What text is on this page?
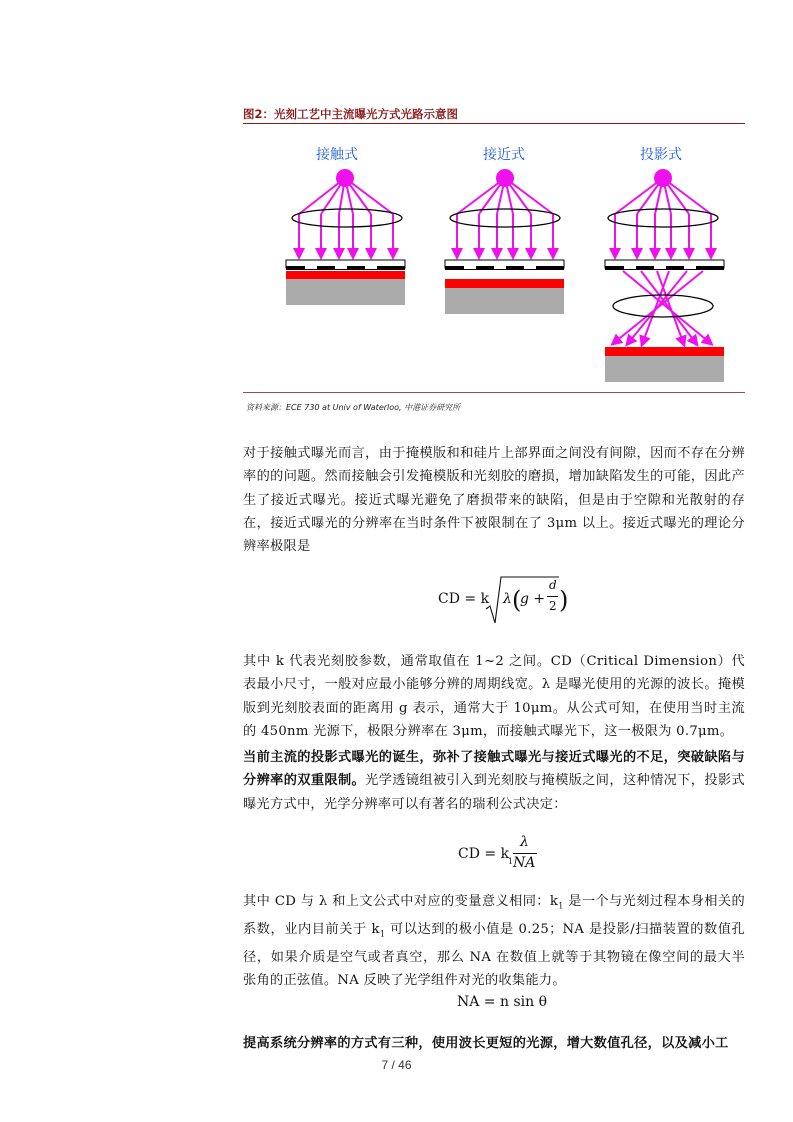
图2：光刻工艺中主流曝光方式光路示意图
接触式	接近式	投影式
资料来源：ECE 730 at Univ of Waterloo, 中港证券研究所
对于接触式曝光而言，由于掩模版和和硅片上部界面之间没有间隙，因而不存在分辨率的的问题。然而接触会引发掩模版和光刻胶的磨损，增加缺陷发生的可能，因此产生了接近式曝光。接近式曝光避免了磨损带来的缺陷，但是由于空隙和光散射的存在，接近式曝光的分辨率在当时条件下被限制在了 3μm 以上。接近式曝光的理论分辨率极限是
CD = k λ (
g +
d
2 )
其中 k 代表光刻胶参数，通常取值在 1~2 之间。CD（Critical Dimension）代表最小尺寸，一般对应最小能够分辨的周期线宽。λ 是曝光使用的光源的波长。掩模版到光刻胶表面的距离用 g 表示，通常大于 10μm。从公式可知，在使用当时主流的 450nm 光源下，极限分辨率在 3μm，而接触式曝光下，这一极限为 0.7μm。
当前主流的投影式曝光的诞生，弥补了接触式曝光与接近式曝光的不足，突破缺陷与分辨率的双重限制。光学透镜组被引入到光刻胶与掩模版之间，这种情况下，投影式曝光方式中，光学分辨率可以有著名的瑞利公式决定：
CD = k
1
λ
NA
其中 CD 与 λ 和上文公式中对应的变量意义相同：$k_1$ 是一个与光刻过程本身相关的系数，业内目前关于 $k_1$ 可以达到的极小值是 0.25；NA 是投影/扫描装置的数值孔径，如果介质是空气或者真空，那么 NA 在数值上就等于其物镜在像空间的最大半张角的正弦值。NA 反映了光学组件对光的收集能力。
NA = n sin θ
提高系统分辨率的方式有三种，使用波长更短的光源，增大数值孔径，以及减小工
7 / 46
